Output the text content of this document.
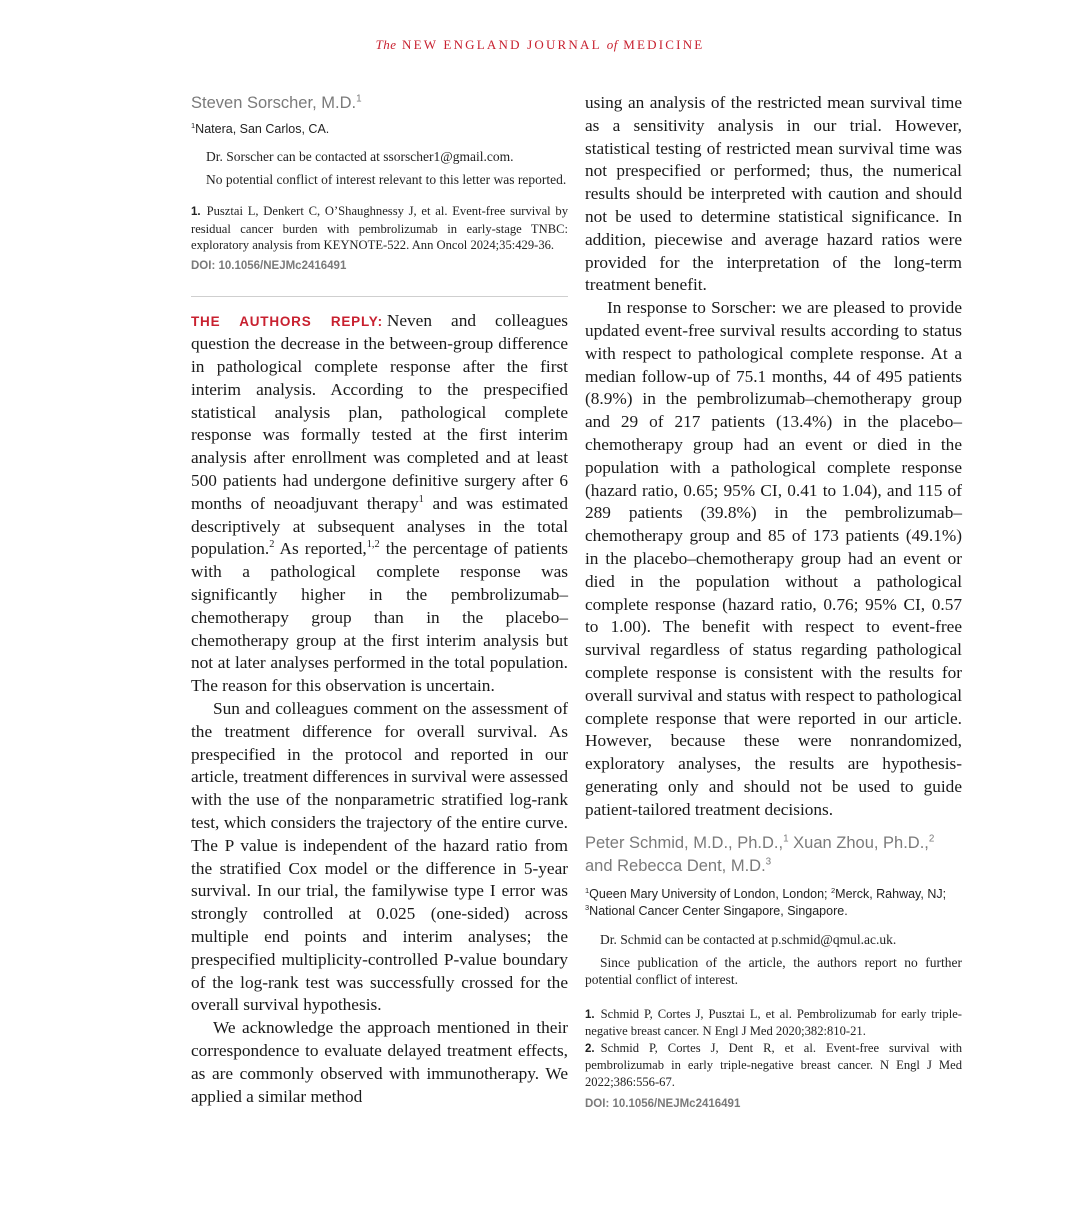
The NEW ENGLAND JOURNAL of MEDICINE

Steven Sorscher, M.D.$^1$

$^1$Natera, San Carlos, CA.

Dr. Sorscher can be contacted at ssorscher1@gmail.com.

No potential conflict of interest relevant to this letter was reported.

1. Pusztai L, Denkert C, O’Shaughnessy J, et al. Event-free survival by residual cancer burden with pembrolizumab in early-stage TNBC: exploratory analysis from KEYNOTE-522. Ann Oncol 2024;35:429-36.

DOI: 10.1056/NEJMc2416491

THE AUTHORS REPLY: Neven and colleagues question the decrease in the between-group difference in pathological complete response after the first interim analysis. According to the prespecified statistical analysis plan, pathological complete response was formally tested at the first interim analysis after enrollment was completed and at least 500 patients had undergone definitive surgery after 6 months of neoadjuvant therapy$^1$ and was estimated descriptively at subsequent analyses in the total population.$^2$ As reported,$^{1,2}$ the percentage of patients with a pathological complete response was significantly higher in the pembrolizumab–chemotherapy group than in the placebo–chemotherapy group at the first interim analysis but not at later analyses performed in the total population. The reason for this observation is uncertain.

Sun and colleagues comment on the assessment of the treatment difference for overall survival. As prespecified in the protocol and reported in our article, treatment differences in survival were assessed with the use of the nonparametric stratified log-rank test, which considers the trajectory of the entire curve. The P value is independent of the hazard ratio from the stratified Cox model or the difference in 5-year survival. In our trial, the familywise type I error was strongly controlled at 0.025 (one-sided) across multiple end points and interim analyses; the prespecified multiplicity-controlled P-value boundary of the log-rank test was successfully crossed for the overall survival hypothesis.

We acknowledge the approach mentioned in their correspondence to evaluate delayed treatment effects, as are commonly observed with immunotherapy. We applied a similar method

using an analysis of the restricted mean survival time as a sensitivity analysis in our trial. However, statistical testing of restricted mean survival time was not prespecified or performed; thus, the numerical results should be interpreted with caution and should not be used to determine statistical significance. In addition, piecewise and average hazard ratios were provided for the interpretation of the long-term treatment benefit.

In response to Sorscher: we are pleased to provide updated event-free survival results according to status with respect to pathological complete response. At a median follow-up of 75.1 months, 44 of 495 patients (8.9%) in the pembrolizumab–chemotherapy group and 29 of 217 patients (13.4%) in the placebo–chemotherapy group had an event or died in the population with a pathological complete response (hazard ratio, 0.65; 95% CI, 0.41 to 1.04), and 115 of 289 patients (39.8%) in the pembrolizumab–chemotherapy group and 85 of 173 patients (49.1%) in the placebo–chemotherapy group had an event or died in the population without a pathological complete response (hazard ratio, 0.76; 95% CI, 0.57 to 1.00). The benefit with respect to event-free survival regardless of status regarding pathological complete response is consistent with the results for overall survival and status with respect to pathological complete response that were reported in our article. However, because these were nonrandomized, exploratory analyses, the results are hypothesis-generating only and should not be used to guide patient-tailored treatment decisions.

Peter Schmid, M.D., Ph.D.,$^1$ Xuan Zhou, Ph.D.,$^2$ and Rebecca Dent, M.D.$^3$

$^1$Queen Mary University of London, London; $^2$Merck, Rahway, NJ; $^3$National Cancer Center Singapore, Singapore.

Dr. Schmid can be contacted at p.schmid@qmul.ac.uk.

Since publication of the article, the authors report no further potential conflict of interest.

1. Schmid P, Cortes J, Pusztai L, et al. Pembrolizumab for early triple-negative breast cancer. N Engl J Med 2020;382:810-21.

2. Schmid P, Cortes J, Dent R, et al. Event-free survival with pembrolizumab in early triple-negative breast cancer. N Engl J Med 2022;386:556-67.

DOI: 10.1056/NEJMc2416491
